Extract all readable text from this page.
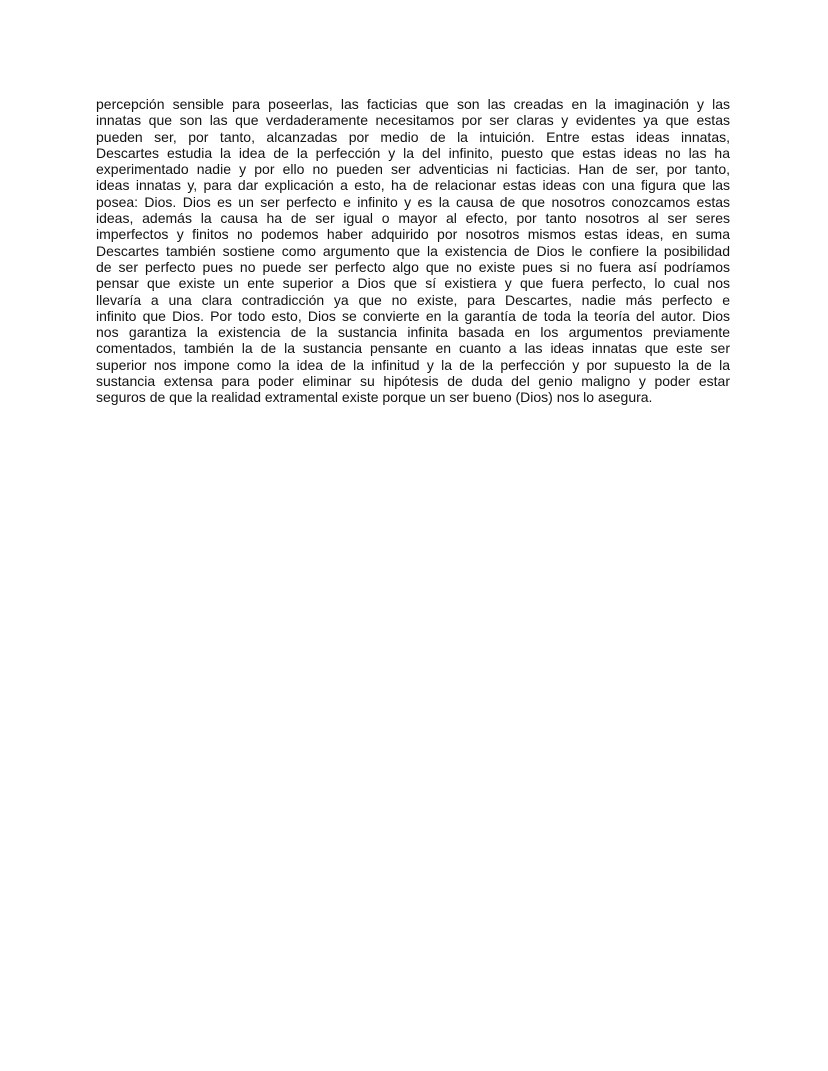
percepción sensible para poseerlas, las facticias que son las creadas en la imaginación y las
innatas que son las que verdaderamente necesitamos por ser claras y evidentes ya que estas
pueden ser, por tanto, alcanzadas por medio de la intuición. Entre estas ideas innatas,
Descartes estudia la idea de la perfección y la del infinito, puesto que estas ideas no las ha
experimentado nadie y por ello no pueden ser adventicias ni facticias. Han de ser, por tanto,
ideas innatas y, para dar explicación a esto, ha de relacionar estas ideas con una figura que las
posea: Dios. Dios es un ser perfecto e infinito y es la causa de que nosotros conozcamos estas
ideas, además la causa ha de ser igual o mayor al efecto, por tanto nosotros al ser seres
imperfectos y finitos no podemos haber adquirido por nosotros mismos estas ideas, en suma
Descartes también sostiene como argumento que la existencia de Dios le confiere la posibilidad
de ser perfecto pues no puede ser perfecto algo que no existe pues si no fuera así podríamos
pensar que existe un ente superior a Dios que sí existiera y que fuera perfecto, lo cual nos
llevaría a una clara contradicción ya que no existe, para Descartes, nadie más perfecto e
infinito que Dios. Por todo esto, Dios se convierte en la garantía de toda la teoría del autor. Dios
nos garantiza la existencia de la sustancia infinita basada en los argumentos previamente
comentados, también la de la sustancia pensante en cuanto a las ideas innatas que este ser
superior nos impone como la idea de la infinitud y la de la perfección y por supuesto la de la
sustancia extensa para poder eliminar su hipótesis de duda del genio maligno y poder estar
seguros de que la realidad extramental existe porque un ser bueno (Dios) nos lo asegura.
